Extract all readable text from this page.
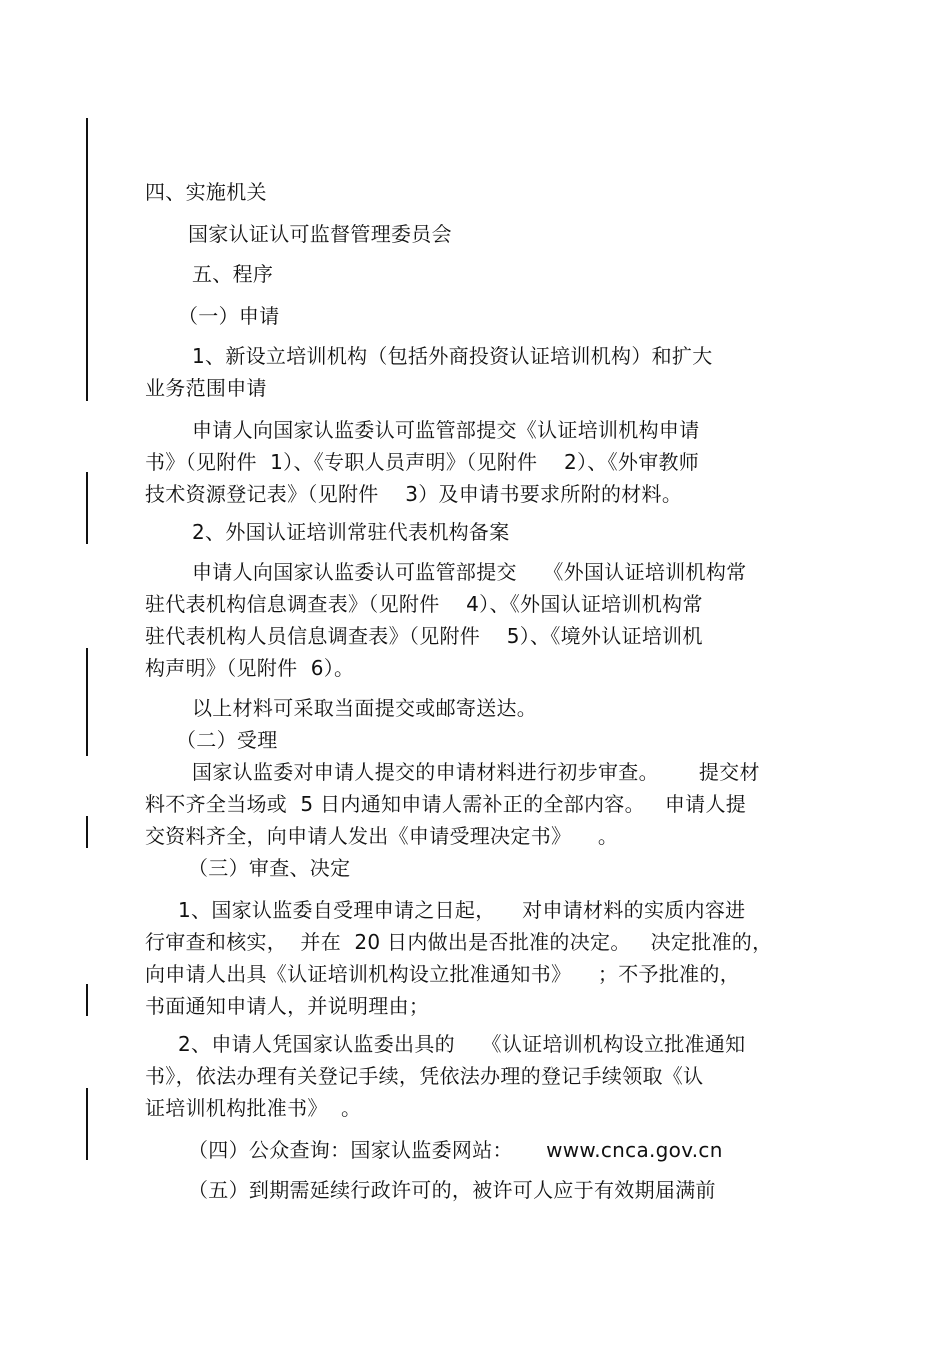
四、实施机关
国家认证认可监督管理委员会
五、程序
（一）申请
1、新设立培训机构（包括外商投资认证培训机构）和扩大
业务范围申请
申请人向国家认监委认可监管部提交《认证培训机构申请
书》（见附件  1）、《专职人员声明》（见附件    2）、《外审教师
技术资源登记表》（见附件    3）及申请书要求所附的材料。
2、外国认证培训常驻代表机构备案
申请人向国家认监委认可监管部提交    《外国认证培训机构常
驻代表机构信息调查表》（见附件    4）、《外国认证培训机构常
驻代表机构人员信息调查表》（见附件    5）、《境外认证培训机
构声明》（见附件  6）。
以上材料可采取当面提交或邮寄送达。
（二）受理
国家认监委对申请人提交的申请材料进行初步审查。      提交材
料不齐全当场或  5 日内通知申请人需补正的全部内容。   申请人提
交资料齐全，向申请人发出《申请受理决定书》    。
（三）审查、决定
1、国家认监委自受理申请之日起，    对申请材料的实质内容进
行审查和核实，  并在  20 日内做出是否批准的决定。   决定批准的，
向申请人出具《认证培训机构设立批准通知书》    ；不予批准的，
书面通知申请人，并说明理由；
2、申请人凭国家认监委出具的    《认证培训机构设立批准通知
书》，依法办理有关登记手续，凭依法办理的登记手续领取《认
证培训机构批准书》  。
（四）公众查询：国家认监委网站：     www.cnca.gov.cn
（五）到期需延续行政许可的，被许可人应于有效期届满前
